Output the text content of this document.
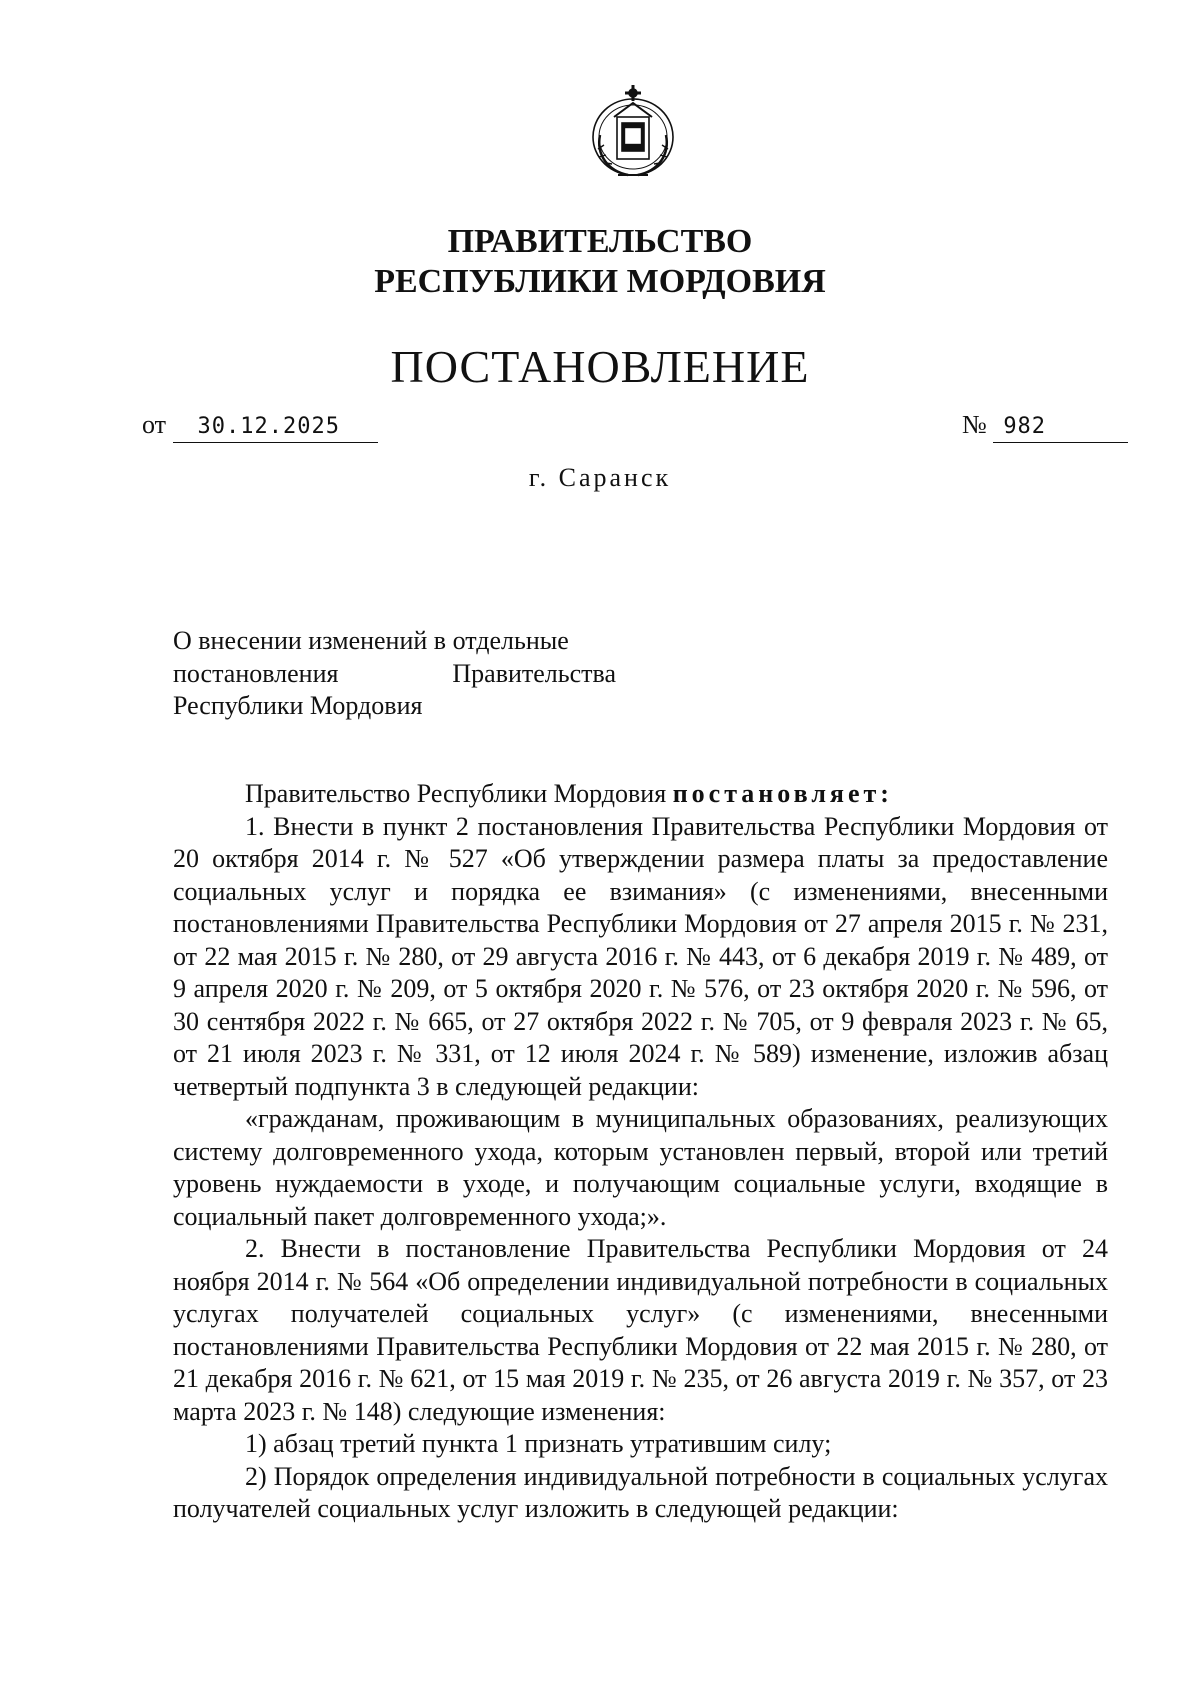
ПРАВИТЕЛЬСТВО
РЕСПУБЛИКИ МОРДОВИЯ
ПОСТАНОВЛЕНИЕ
от 30.12.2025	№ 982
г. Саранск
О внесении изменений в отдельные

постановления	Правительства
Республики Мордовия

Правительство Республики Мордовия постановляет:

1. Внести в пункт 2 постановления Правительства Республики Мордовия от 20 октября 2014 г. № 527 «Об утверждении размера платы за предоставление социальных услуг и порядка ее взимания» (с изменениями, внесенными постановлениями Правительства Республики Мордовия от 27 апреля 2015 г. № 231, от 22 мая 2015 г. № 280, от 29 августа 2016 г. № 443, от 6 декабря 2019 г. № 489, от 9 апреля 2020 г. № 209, от 5 октября 2020 г. № 576, от 23 октября 2020 г. № 596, от 30 сентября 2022 г. № 665, от 27 октября 2022 г. № 705, от 9 февраля 2023 г. № 65, от 21 июля 2023 г. № 331, от 12 июля 2024 г. № 589) изменение, изложив абзац четвертый подпункта 3 в следующей редакции:

«гражданам, проживающим в муниципальных образованиях, реализующих систему долговременного ухода, которым установлен первый, второй или третий уровень нуждаемости в уходе, и получающим социальные услуги, входящие в социальный пакет долговременного ухода;».

2. Внести в постановление Правительства Республики Мордовия от 24 ноября 2014 г. № 564 «Об определении индивидуальной потребности в социальных услугах получателей социальных услуг» (с изменениями, внесенными постановлениями Правительства Республики Мордовия от 22 мая 2015 г. № 280, от 21 декабря 2016 г. № 621, от 15 мая 2019 г. № 235, от 26 августа 2019 г. № 357, от 23 марта 2023 г. № 148) следующие изменения:

1) абзац третий пункта 1 признать утратившим силу;

2) Порядок определения индивидуальной потребности в социальных услугах получателей социальных услуг изложить в следующей редакции:
